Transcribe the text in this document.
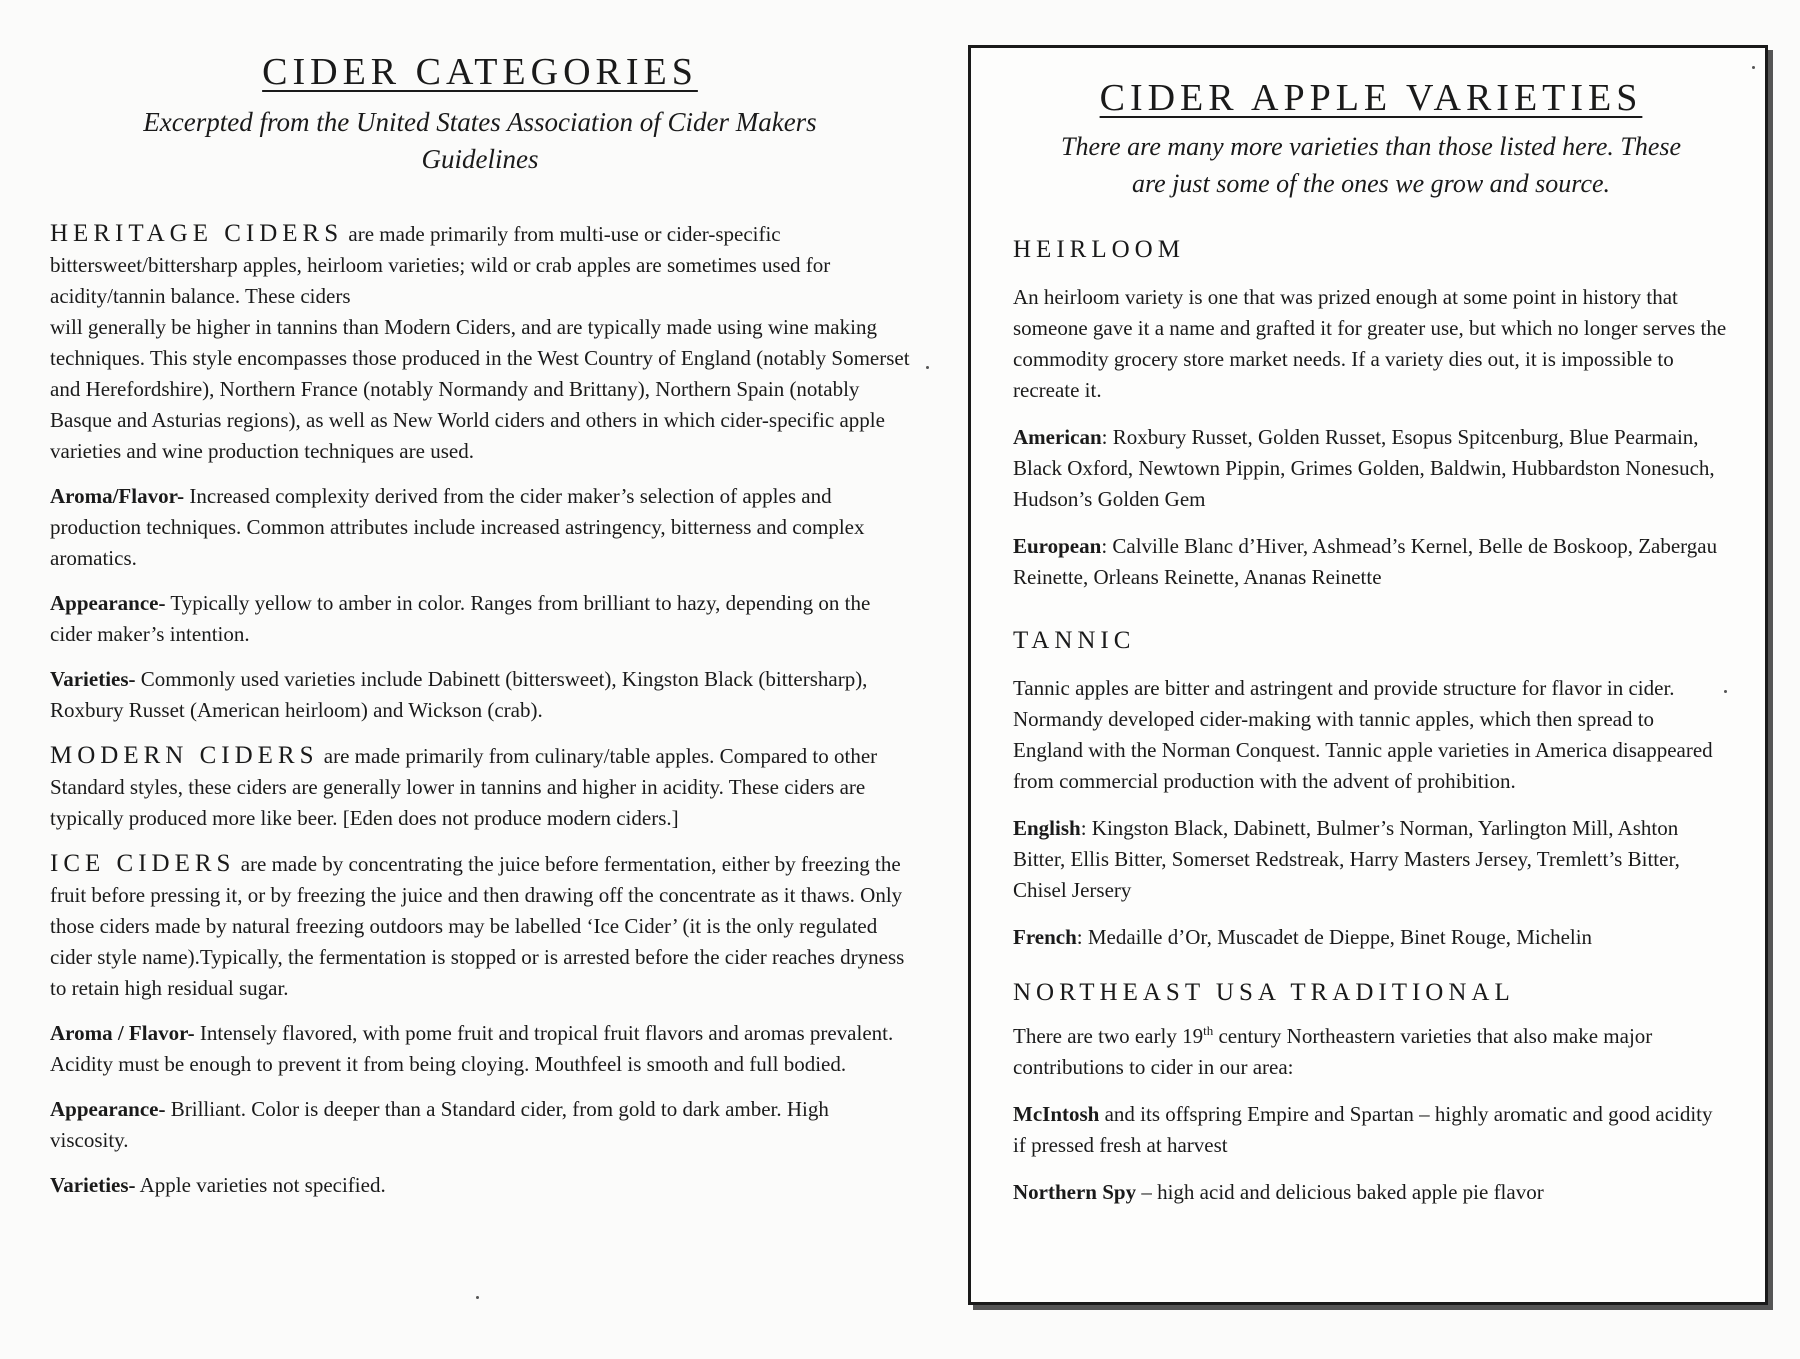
CIDER CATEGORIES

Excerpted from the United States Association of Cider Makers
Guidelines

HERITAGE CIDERS are made primarily from multi-use or cider-specific bittersweet/bittersharp apples, heirloom varieties; wild or crab apples are sometimes used for acidity/tannin balance. These ciders
will generally be higher in tannins than Modern Ciders, and are typically made using wine making techniques. This style encompasses those produced in the West Country of England (notably Somerset and Herefordshire), Northern France (notably Normandy and Brittany), Northern Spain (notably Basque and Asturias regions), as well as New World ciders and others in which cider-specific apple varieties and wine production techniques are used.

Aroma/Flavor- Increased complexity derived from the cider maker’s selection of apples and production techniques. Common attributes include increased astringency, bitterness and complex aromatics.

Appearance- Typically yellow to amber in color. Ranges from brilliant to hazy, depending on the cider maker’s intention.

Varieties- Commonly used varieties include Dabinett (bittersweet), Kingston Black (bittersharp), Roxbury Russet (American heirloom) and Wickson (crab).

MODERN CIDERS are made primarily from culinary/table apples. Compared to other Standard styles, these ciders are generally lower in tannins and higher in acidity. These ciders are typically produced more like beer. [Eden does not produce modern ciders.]

ICE CIDERS are made by concentrating the juice before fermentation, either by freezing the fruit before pressing it, or by freezing the juice and then drawing off the concentrate as it thaws. Only those ciders made by natural freezing outdoors may be labelled ‘Ice Cider’ (it is the only regulated cider style name).Typically, the fermentation is stopped or is arrested before the cider reaches dryness to retain high residual sugar.

Aroma / Flavor- Intensely flavored, with pome fruit and tropical fruit flavors and aromas prevalent. Acidity must be enough to prevent it from being cloying. Mouthfeel is smooth and full bodied.

Appearance- Brilliant. Color is deeper than a Standard cider, from gold to dark amber. High viscosity.

Varieties- Apple varieties not specified.

CIDER APPLE VARIETIES

There are many more varieties than those listed here. These
are just some of the ones we grow and source.

HEIRLOOM

An heirloom variety is one that was prized enough at some point in history that someone gave it a name and grafted it for greater use, but which no longer serves the commodity grocery store market needs. If a variety dies out, it is impossible to recreate it.

American: Roxbury Russet, Golden Russet, Esopus Spitcenburg, Blue Pearmain, Black Oxford, Newtown Pippin, Grimes Golden, Baldwin, Hubbardston Nonesuch, Hudson’s Golden Gem

European: Calville Blanc d’Hiver, Ashmead’s Kernel, Belle de Boskoop, Zabergau Reinette, Orleans Reinette, Ananas Reinette

TANNIC

Tannic apples are bitter and astringent and provide structure for flavor in cider. Normandy developed cider-making with tannic apples, which then spread to England with the Norman Conquest. Tannic apple varieties in America disappeared from commercial production with the advent of prohibition.

English: Kingston Black, Dabinett, Bulmer’s Norman, Yarlington Mill, Ashton Bitter, Ellis Bitter, Somerset Redstreak, Harry Masters Jersey, Tremlett’s Bitter, Chisel Jersery

French: Medaille d’Or, Muscadet de Dieppe, Binet Rouge, Michelin

NORTHEAST USA TRADITIONAL

There are two early 19th century Northeastern varieties that also make major contributions to cider in our area:

McIntosh and its offspring Empire and Spartan – highly aromatic and good acidity if pressed fresh at harvest

Northern Spy – high acid and delicious baked apple pie flavor
